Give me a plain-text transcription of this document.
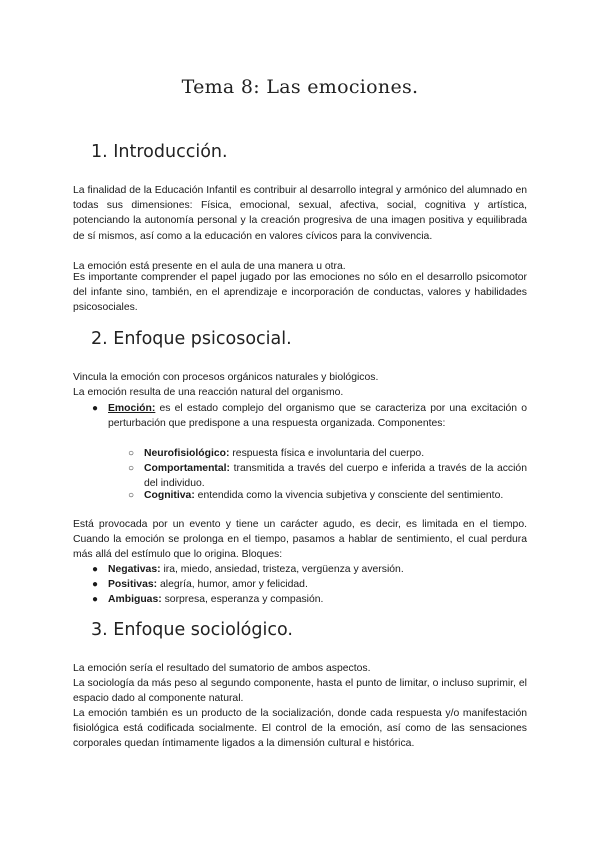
Tema 8: Las emociones.
1. Introducción.

La finalidad de la Educación Infantil es contribuir al desarrollo integral y armónico del alumnado en todas sus dimensiones: Física, emocional, sexual, afectiva, social, cognitiva y artística, potenciando la autonomía personal y la creación progresiva de una imagen positiva y equilibrada de sí mismos, así como a la educación en valores cívicos para la convivencia.

La emoción está presente en el aula de una manera u otra.

Es importante comprender el papel jugado por las emociones no sólo en el desarrollo psicomotor del infante sino, también, en el aprendizaje e incorporación de conductas, valores y habilidades psicosociales.

2. Enfoque psicosocial.

Vincula la emoción con procesos orgánicos naturales y biológicos.

La emoción resulta de una reacción natural del organismo.

● Emoción: es el estado complejo del organismo que se caracteriza por una excitación o perturbación que predispone a una respuesta organizada. Componentes:
○ Neurofisiológico: respuesta física e involuntaria del cuerpo.
○ Comportamental: transmitida a través del cuerpo e inferida a través de la acción del individuo.
○ Cognitiva: entendida como la vivencia subjetiva y consciente del sentimiento.

Está provocada por un evento y tiene un carácter agudo, es decir, es limitada en el tiempo. Cuando la emoción se prolonga en el tiempo, pasamos a hablar de sentimiento, el cual perdura más allá del estímulo que lo origina. Bloques:

● Negativas: ira, miedo, ansiedad, tristeza, vergüenza y aversión.
● Positivas: alegría, humor, amor y felicidad.
● Ambiguas: sorpresa, esperanza y compasión.
3. Enfoque sociológico.

La emoción sería el resultado del sumatorio de ambos aspectos.

La sociología da más peso al segundo componente, hasta el punto de limitar, o incluso suprimir, el espacio dado al componente natural.

La emoción también es un producto de la socialización, donde cada respuesta y/o manifestación fisiológica está codificada socialmente. El control de la emoción, así como de las sensaciones corporales quedan íntimamente ligados a la dimensión cultural e histórica.
